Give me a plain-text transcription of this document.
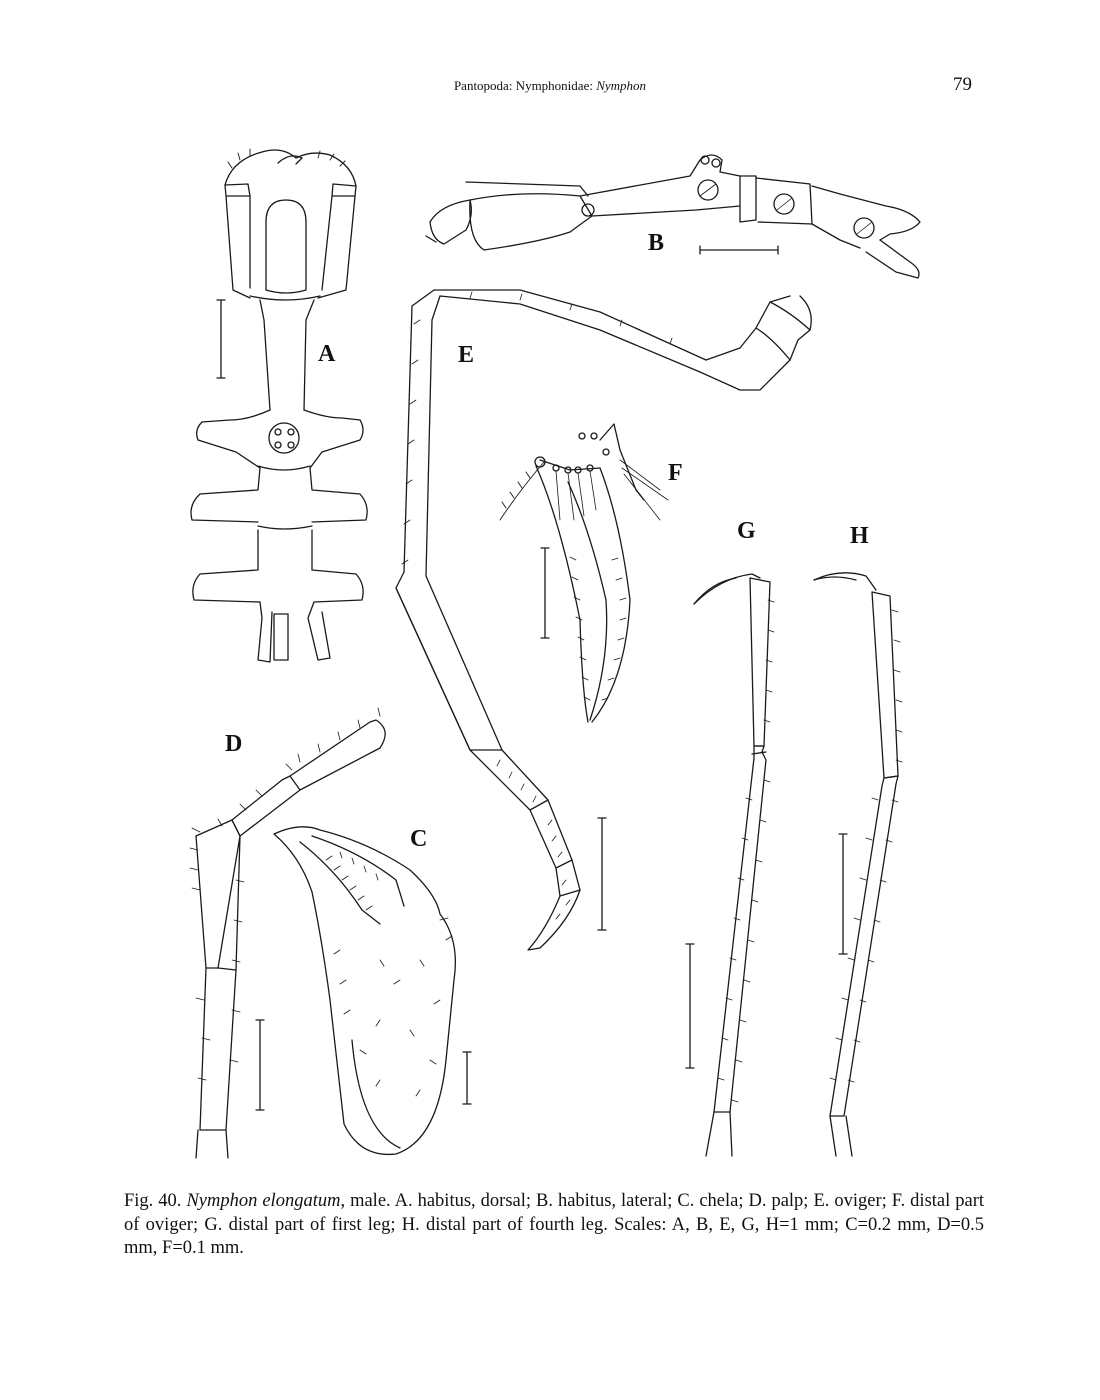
Pantopoda: Nymphonidae: Nymphon	79
A
B
C
D
E
F
G	H
Fig. 40. Nymphon elongatum, male. A. habitus, dorsal; B. habitus, lateral; C. chela; D. palp; E. oviger; F. distal part of oviger; G. distal part of first leg; H. distal part of fourth leg. Scales: A, B, E, G, H=1 mm; C=0.2 mm, D=0.5 mm, F=0.1 mm.
